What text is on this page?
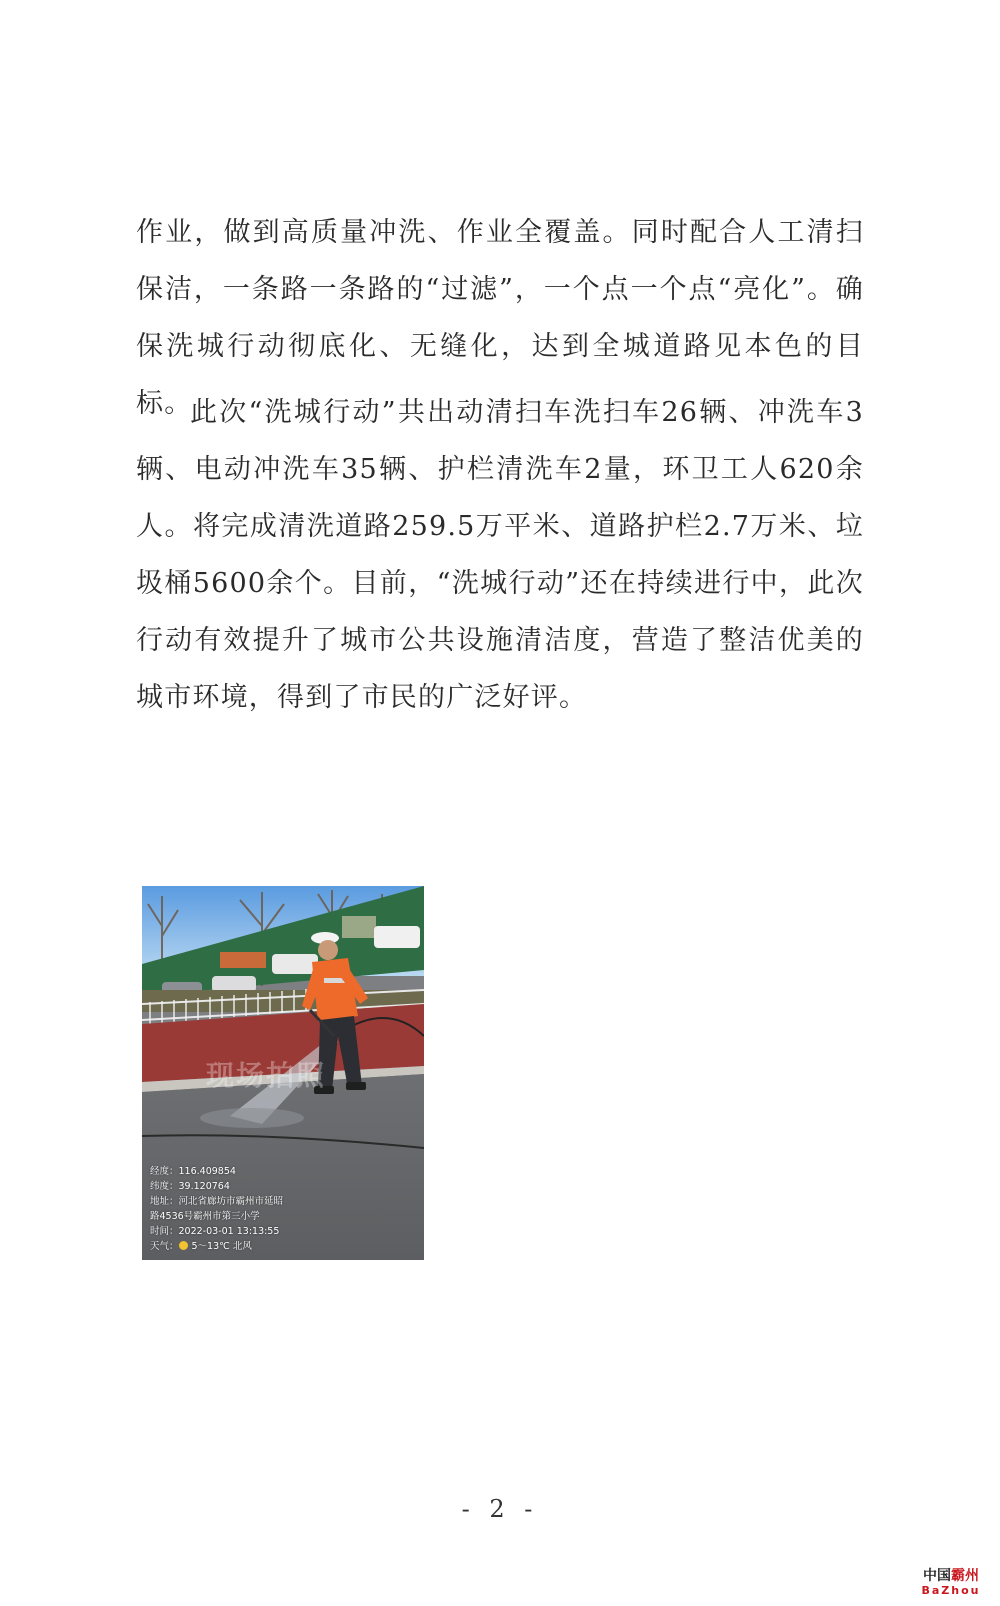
作业，做到高质量冲洗、作业全覆盖。同时配合人工清扫保洁，一条路一条路的“过滤”，一个点一个点“亮化”。确保洗城行动彻底化、无缝化，达到全城道路见本色的目标。

此次“洗城行动”共出动清扫车洗扫车26辆、冲洗车3辆、电动冲洗车35辆、护栏清洗车2量，环卫工人620余人。将完成清洗道路259.5万平米、道路护栏2.7万米、垃圾桶5600余个。目前，“洗城行动”还在持续进行中，此次行动有效提升了城市公共设施清洁度，营造了整洁优美的城市环境，得到了市民的广泛好评。

现场拍照
经度：116.409854
纬度：39.120764
地址：河北省廊坊市霸州市延昭
路4536号霸州市第三小学
时间：2022-03-01 13:13:55
天气： 5～13℃ 北风
- 2 -
中国霸州
BaZhou
